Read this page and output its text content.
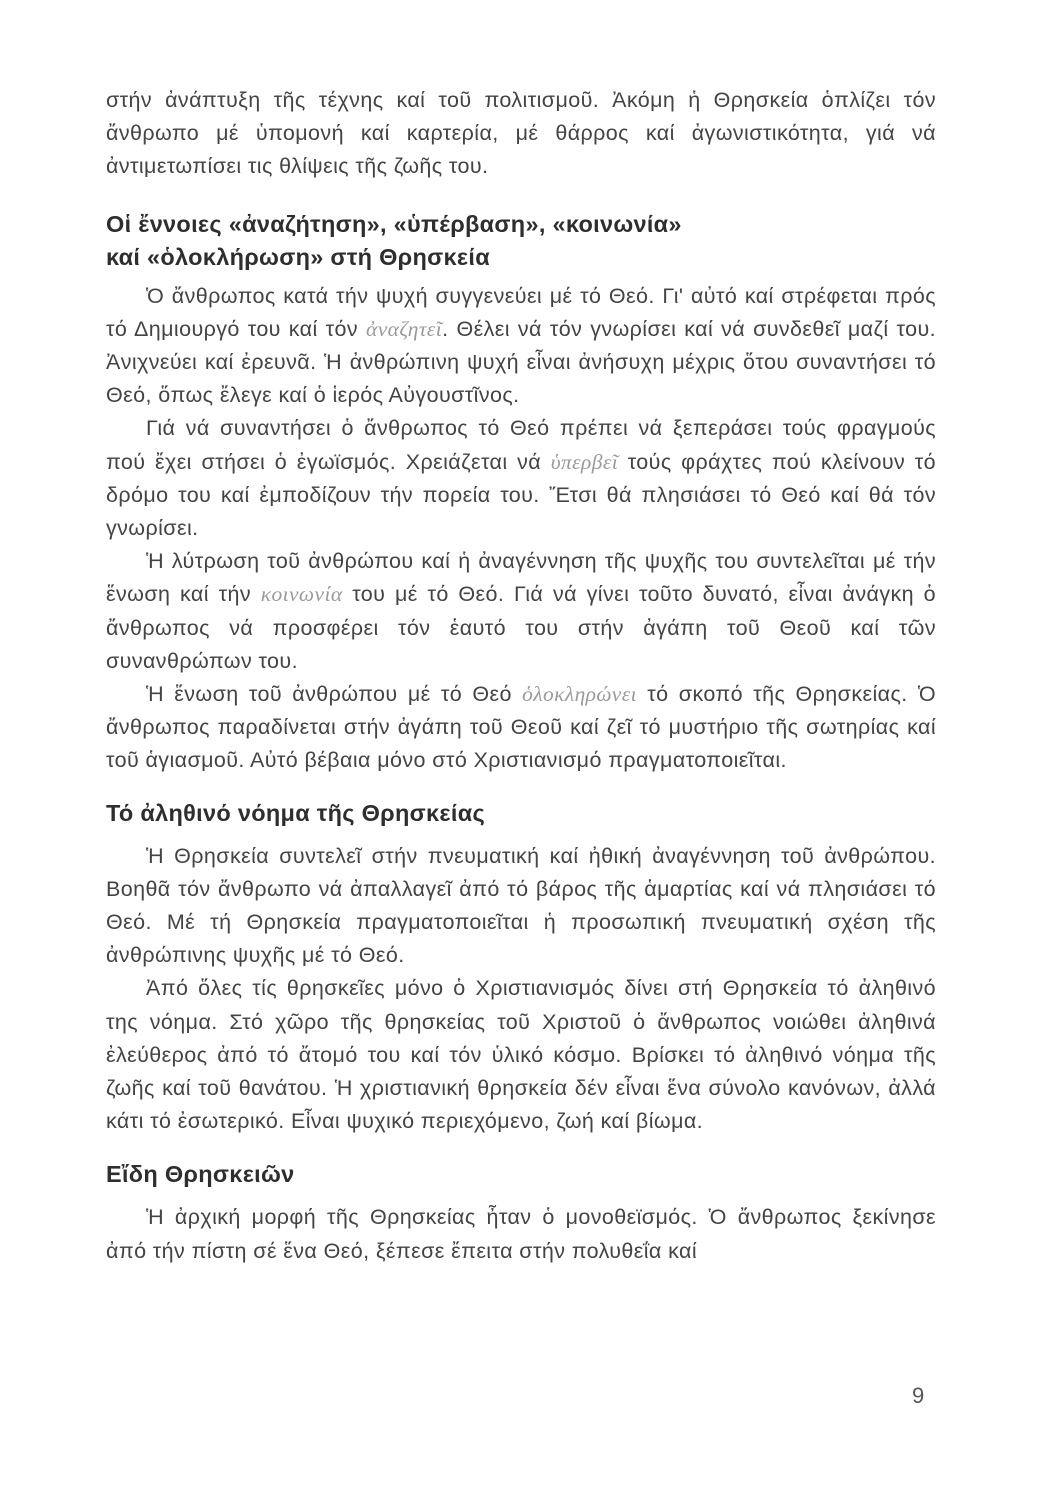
στήν ἀνάπτυξη τῆς τέχνης καί τοῦ πολιτισμοῦ. Ἀκόμη ἡ Θρησκεία ὁπλίζει τόν ἄνθρωπο μέ ὑπομονή καί καρτερία, μέ θάρρος καί ἀγωνιστικότητα, γιά νά ἀντιμετωπίσει τις θλίψεις τῆς ζωῆς του.

Οἱ ἔννοιες «ἀναζήτηση», «ὑπέρβαση», «κοινωνία»
καί «ὁλοκλήρωση» στή Θρησκεία

Ὁ ἄνθρωπος κατά τήν ψυχή συγγενεύει μέ τό Θεό. Γι' αὐτό καί στρέφεται πρός τό Δημιουργό του καί τόν ἀναζητεῖ. Θέλει νά τόν γνωρίσει καί νά συνδεθεῖ μαζί του. Ἀνιχνεύει καί ἐρευνᾶ. Ἡ ἀνθρώπινη ψυχή εἶναι ἀνήσυχη μέχρις ὅτου συναντήσει τό Θεό, ὅπως ἔλεγε καί ὁ ἱερός Αὐγουστῖνος.

Γιά νά συναντήσει ὁ ἄνθρωπος τό Θεό πρέπει νά ξεπεράσει τούς φραγμούς πού ἔχει στήσει ὁ ἐγωϊσμός. Χρειάζεται νά ὑπερβεῖ τούς φράχτες πού κλείνουν τό δρόμο του καί ἐμποδίζουν τήν πορεία του. Ἔτσι θά πλησιάσει τό Θεό καί θά τόν γνωρίσει.

Ἡ λύτρωση τοῦ ἀνθρώπου καί ἡ ἀναγέννηση τῆς ψυχῆς του συντελεῖται μέ τήν ἕνωση καί τήν κοινωνία του μέ τό Θεό. Γιά νά γίνει τοῦτο δυνατό, εἶναι ἀνάγκη ὁ ἄνθρωπος νά προσφέρει τόν ἑαυτό του στήν ἀγάπη τοῦ Θεοῦ καί τῶν συνανθρώπων του.

Ἡ ἕνωση τοῦ ἀνθρώπου μέ τό Θεό ὁλοκληρώνει τό σκοπό τῆς Θρησκείας. Ὁ ἄνθρωπος παραδίνεται στήν ἀγάπη τοῦ Θεοῦ καί ζεῖ τό μυστήριο τῆς σωτηρίας καί τοῦ ἁγιασμοῦ. Αὐτό βέβαια μόνο στό Χριστιανισμό πραγματοποιεῖται.

Τό ἀληθινό νόημα τῆς Θρησκείας

Ἡ Θρησκεία συντελεῖ στήν πνευματική καί ἠθική ἀναγέννηση τοῦ ἀνθρώπου. Βοηθᾶ τόν ἄνθρωπο νά ἀπαλλαγεῖ ἀπό τό βάρος τῆς ἁμαρτίας καί νά πλησιάσει τό Θεό. Μέ τή Θρησκεία πραγματοποιεῖται ἡ προσωπική πνευματική σχέση τῆς ἀνθρώπινης ψυχῆς μέ τό Θεό.

Ἀπό ὅλες τίς θρησκεῖες μόνο ὁ Χριστιανισμός δίνει στή Θρησκεία τό ἀληθινό της νόημα. Στό χῶρο τῆς θρησκείας τοῦ Χριστοῦ ὁ ἄνθρωπος νοιώθει ἀληθινά ἐλεύθερος ἀπό τό ἄτομό του καί τόν ὑλικό κόσμο. Βρίσκει τό ἀληθινό νόημα τῆς ζωῆς καί τοῦ θανάτου. Ἡ χριστιανική θρησκεία δέν εἶναι ἕνα σύνολο κανόνων, ἀλλά κάτι τό ἐσωτερικό. Εἶναι ψυχικό περιεχόμενο, ζωή καί βίωμα.

Εἴδη Θρησκειῶν

Ἡ ἀρχική μορφή τῆς Θρησκείας ἦταν ὁ μονοθεϊσμός. Ὁ ἄνθρωπος ξεκίνησε ἀπό τήν πίστη σέ ἕνα Θεό, ξέπεσε ἔπειτα στήν πολυθεΐα καί

9
